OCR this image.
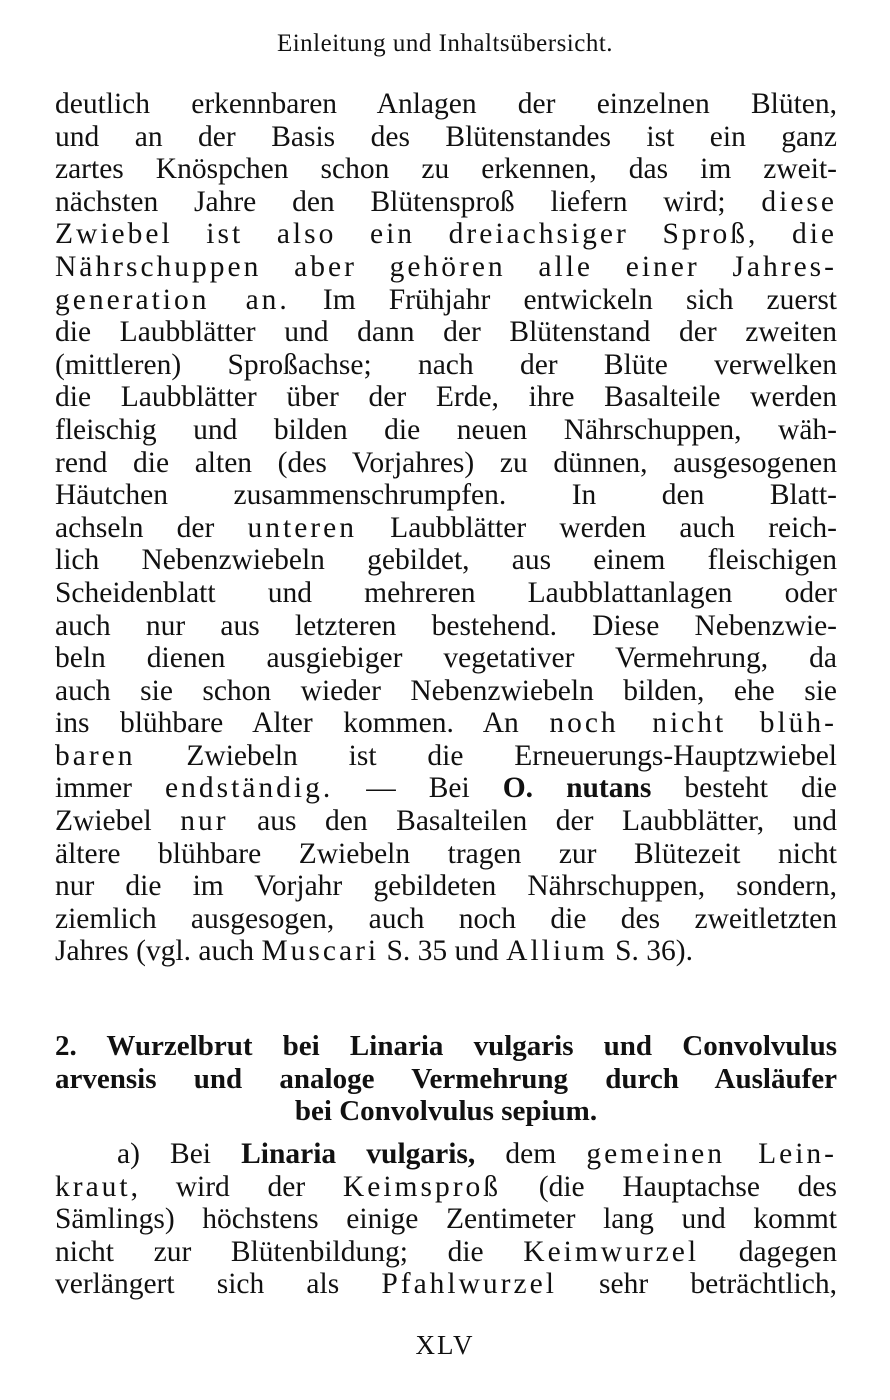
Einleitung und Inhaltsübersicht.
deutlich erkennbaren Anlagen der einzelnen Blüten,
und an der Basis des Blütenstandes ist ein ganz
zartes Knöspchen schon zu erkennen, das im zweit-
nächsten Jahre den Blütensproß liefern wird; diese
Zwiebel ist also ein dreiachsiger Sproß, die
Nährschuppen aber gehören alle einer Jahres-
generation an. Im Frühjahr entwickeln sich zuerst
die Laubblätter und dann der Blütenstand der zweiten
(mittleren) Sproßachse; nach der Blüte verwelken
die Laubblätter über der Erde, ihre Basalteile werden
fleischig und bilden die neuen Nährschuppen, wäh-
rend die alten (des Vorjahres) zu dünnen, ausgesogenen
Häutchen zusammenschrumpfen. In den Blatt-
achseln der unteren Laubblätter werden auch reich-
lich Nebenzwiebeln gebildet, aus einem fleischigen
Scheidenblatt und mehreren Laubblattanlagen oder
auch nur aus letzteren bestehend. Diese Nebenzwie-
beln dienen ausgiebiger vegetativer Vermehrung, da
auch sie schon wieder Nebenzwiebeln bilden, ehe sie
ins blühbare Alter kommen. An noch nicht blüh-
baren Zwiebeln ist die Erneuerungs-Hauptzwiebel
immer endständig. — Bei O. nutans besteht die
Zwiebel nur aus den Basalteilen der Laubblätter, und
ältere blühbare Zwiebeln tragen zur Blütezeit nicht
nur die im Vorjahr gebildeten Nährschuppen, sondern,
ziemlich ausgesogen, auch noch die des zweitletzten
Jahres (vgl. auch Muscari S. 35 und Allium S. 36).
2. Wurzelbrut bei Linaria vulgaris und Convolvulus
arvensis und analoge Vermehrung durch Ausläufer
bei Convolvulus sepium.
a) Bei Linaria vulgaris, dem gemeinen Lein-
kraut, wird der Keimsproß (die Hauptachse des
Sämlings) höchstens einige Zentimeter lang und kommt
nicht zur Blütenbildung; die Keimwurzel dagegen
verlängert sich als Pfahlwurzel sehr beträchtlich,
XLV
